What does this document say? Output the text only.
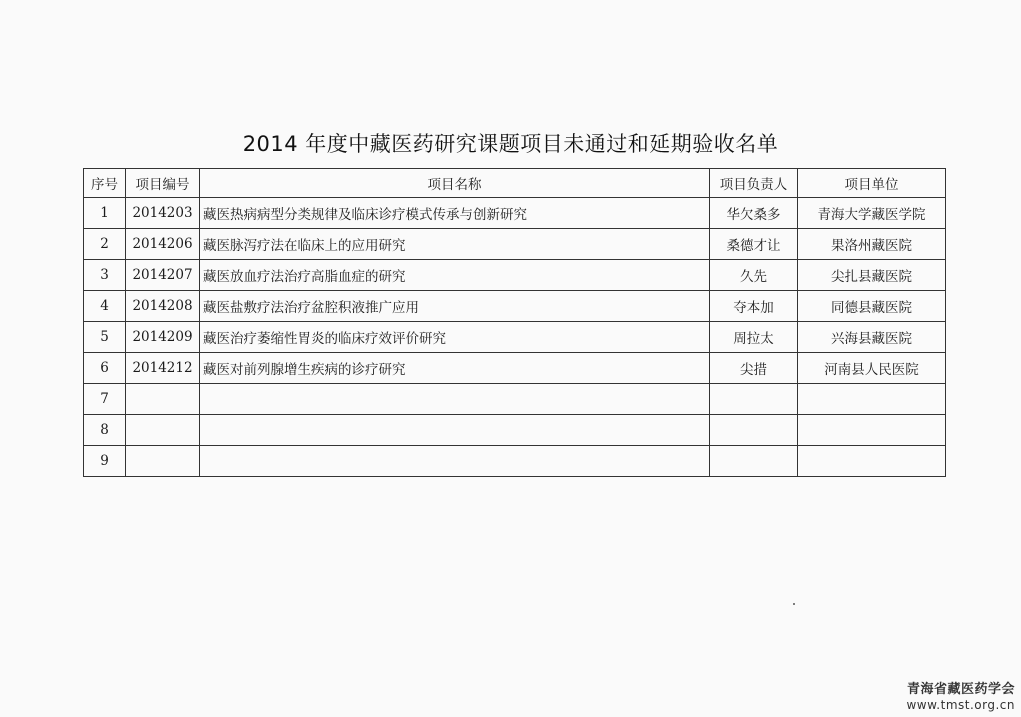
2014 年度中藏医药研究课题项目未通过和延期验收名单
序号	项目编号	项目名称	项目负责人	项目单位
1	2014203	藏医热病病型分类规律及临床诊疗模式传承与创新研究	华欠桑多	青海大学藏医学院
2	2014206	藏医脉泻疗法在临床上的应用研究	桑德才让	果洛州藏医院
3	2014207	藏医放血疗法治疗高脂血症的研究	久先	尖扎县藏医院
4	2014208	藏医盐敷疗法治疗盆腔积液推广应用	夺本加	同德县藏医院
5	2014209	藏医治疗萎缩性胃炎的临床疗效评价研究	周拉太	兴海县藏医院
6	2014212	藏医对前列腺增生疾病的诊疗研究	尖措	河南县人民医院
7				
8				
9				
青海省藏医药学会
www.tmst.org.cn
